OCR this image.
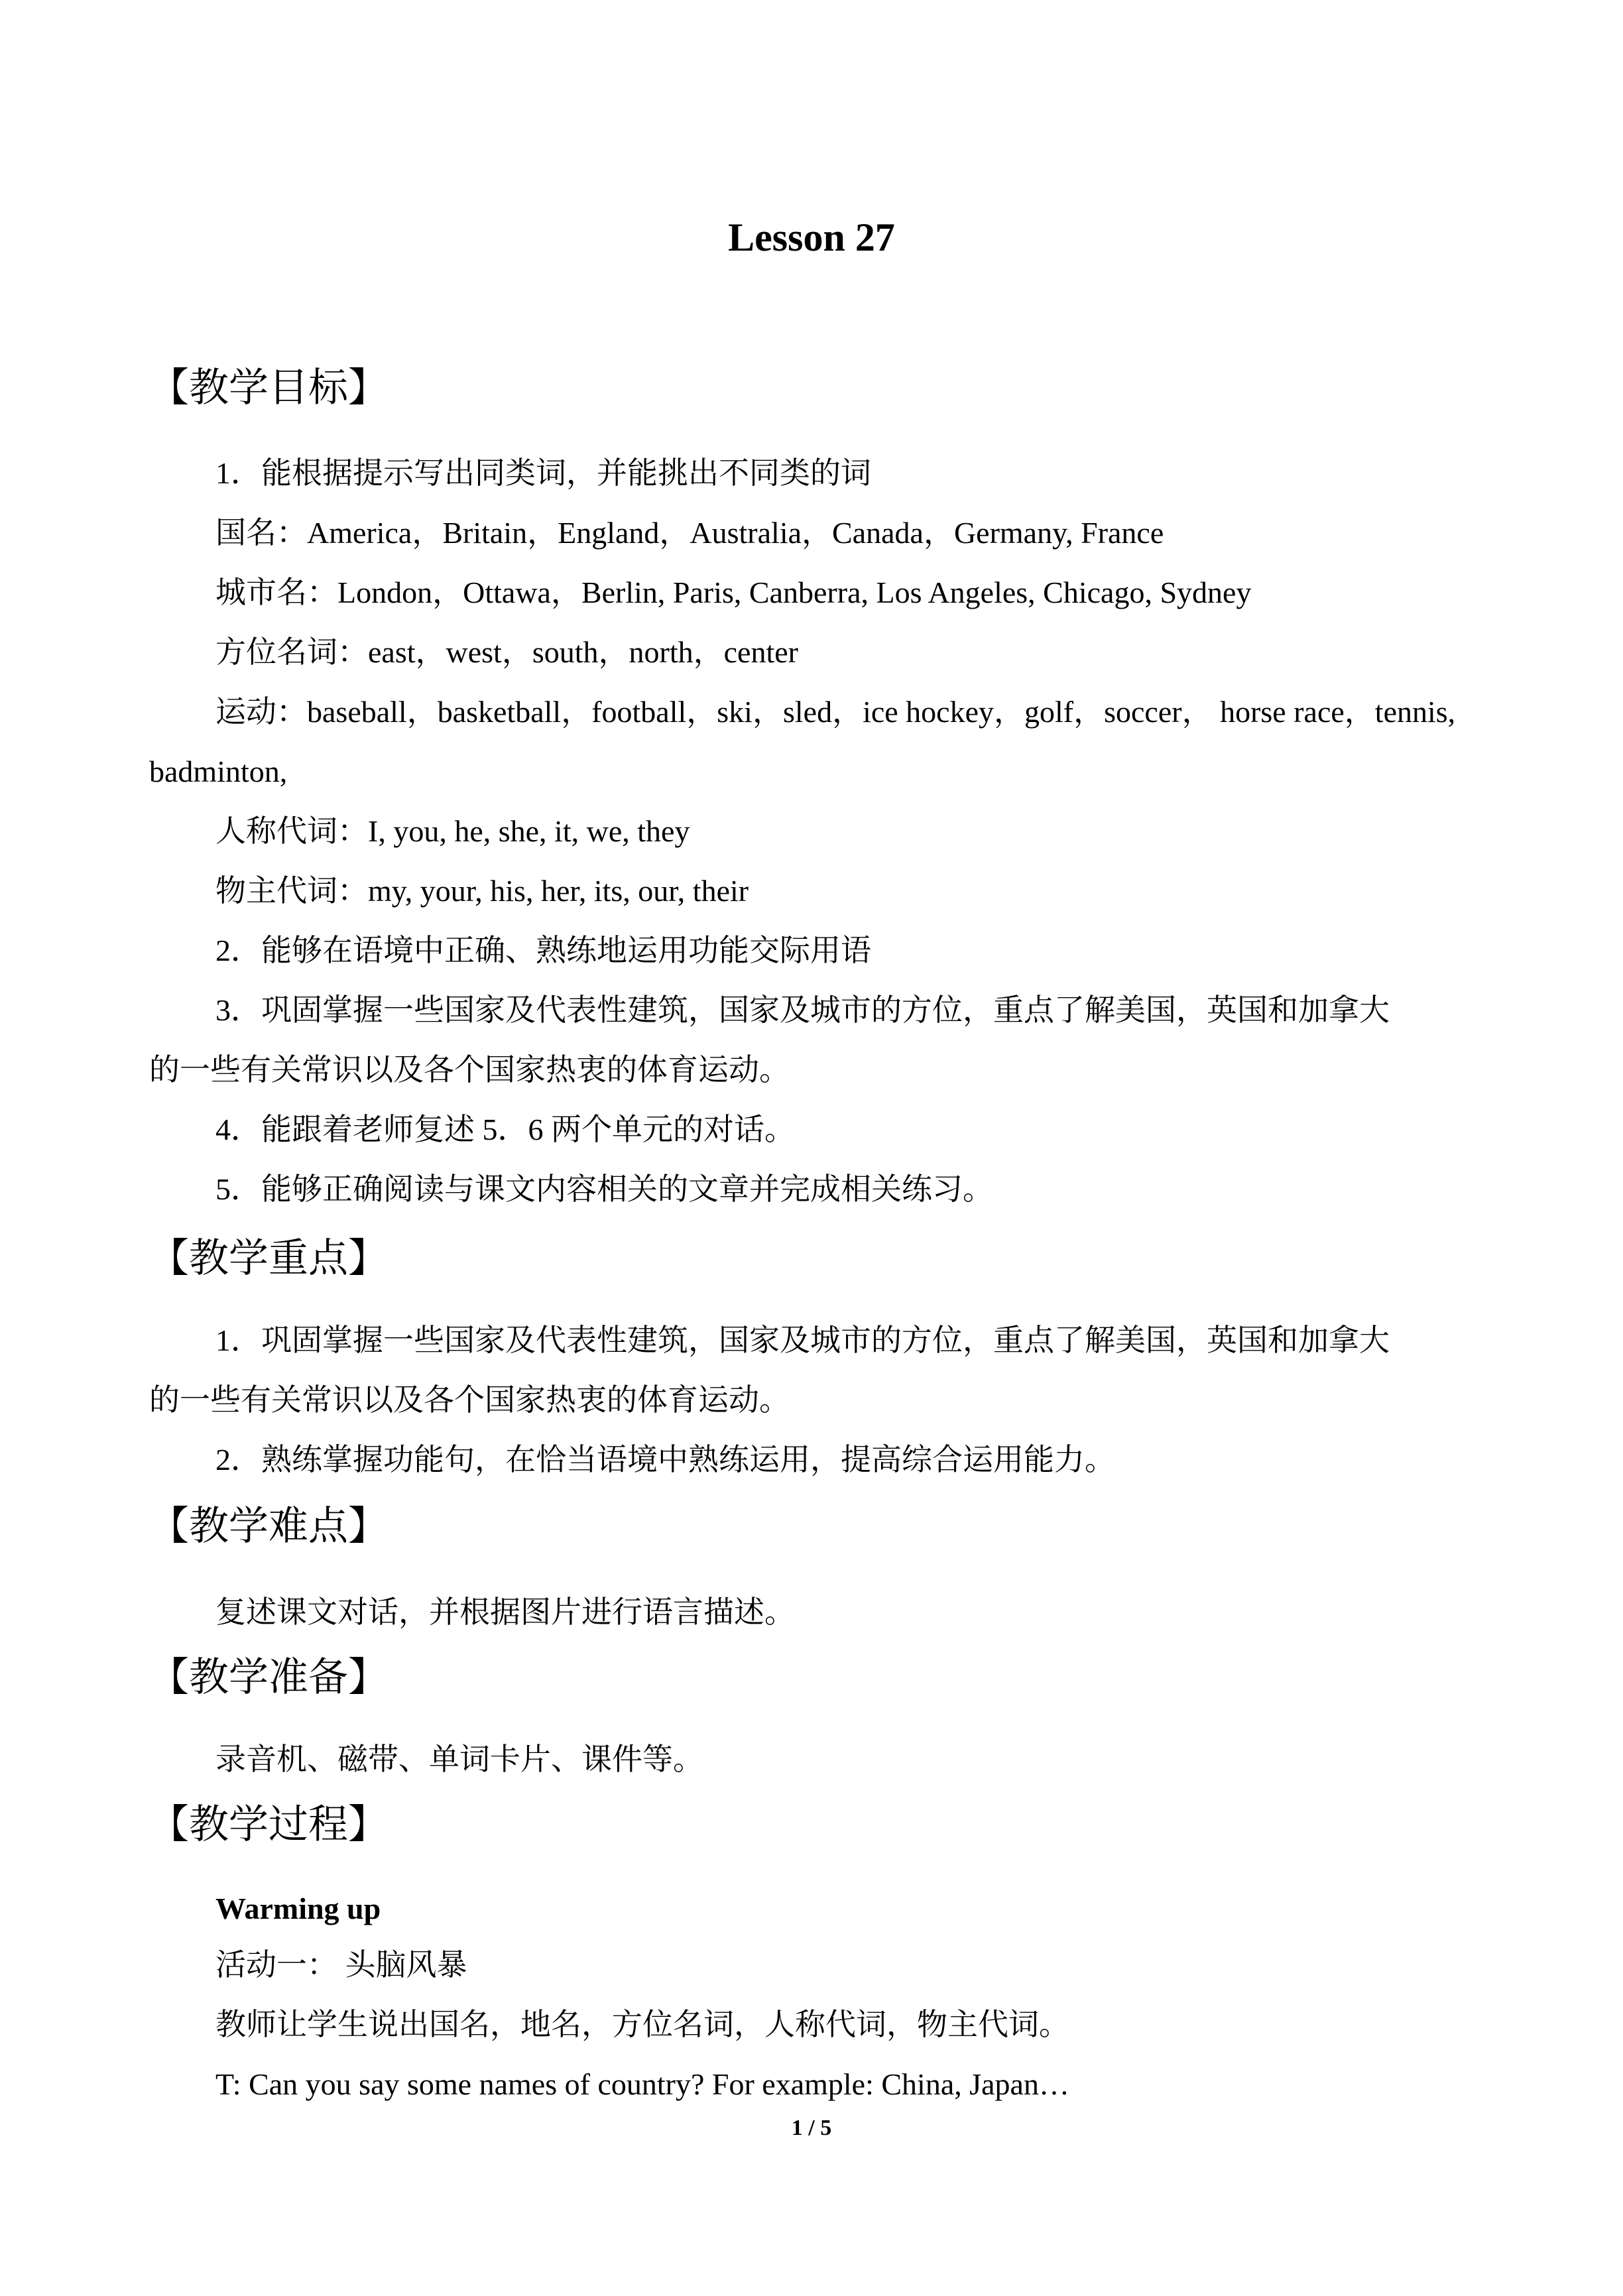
Lesson 27
【教学目标】
1．能根据提示写出同类词，并能挑出不同类的词
国名：America，Britain，England，Australia，Canada，Germany, France
城市名：London，Ottawa，Berlin, Paris, Canberra, Los Angeles, Chicago, Sydney
方位名词：east，west，south，north，center
运动：baseball，basketball，football，ski，sled，ice hockey，golf，soccer， horse race，tennis,
badminton,
人称代词：I, you, he, she, it, we, they
物主代词：my, your, his, her, its, our, their
2．能够在语境中正确、熟练地运用功能交际用语
3．巩固掌握一些国家及代表性建筑，国家及城市的方位，重点了解美国，英国和加拿大
的一些有关常识以及各个国家热衷的体育运动。
4．能跟着老师复述 5．6 两个单元的对话。
5．能够正确阅读与课文内容相关的文章并完成相关练习。
【教学重点】
1．巩固掌握一些国家及代表性建筑，国家及城市的方位，重点了解美国，英国和加拿大
的一些有关常识以及各个国家热衷的体育运动。
2．熟练掌握功能句，在恰当语境中熟练运用，提高综合运用能力。
【教学难点】
复述课文对话，并根据图片进行语言描述。
【教学准备】
录音机、磁带、单词卡片、课件等。
【教学过程】
Warming up
活动一： 头脑风暴
教师让学生说出国名，地名，方位名词，人称代词，物主代词。
T: Can you say some names of country? For example: China, Japan…
1 / 5
